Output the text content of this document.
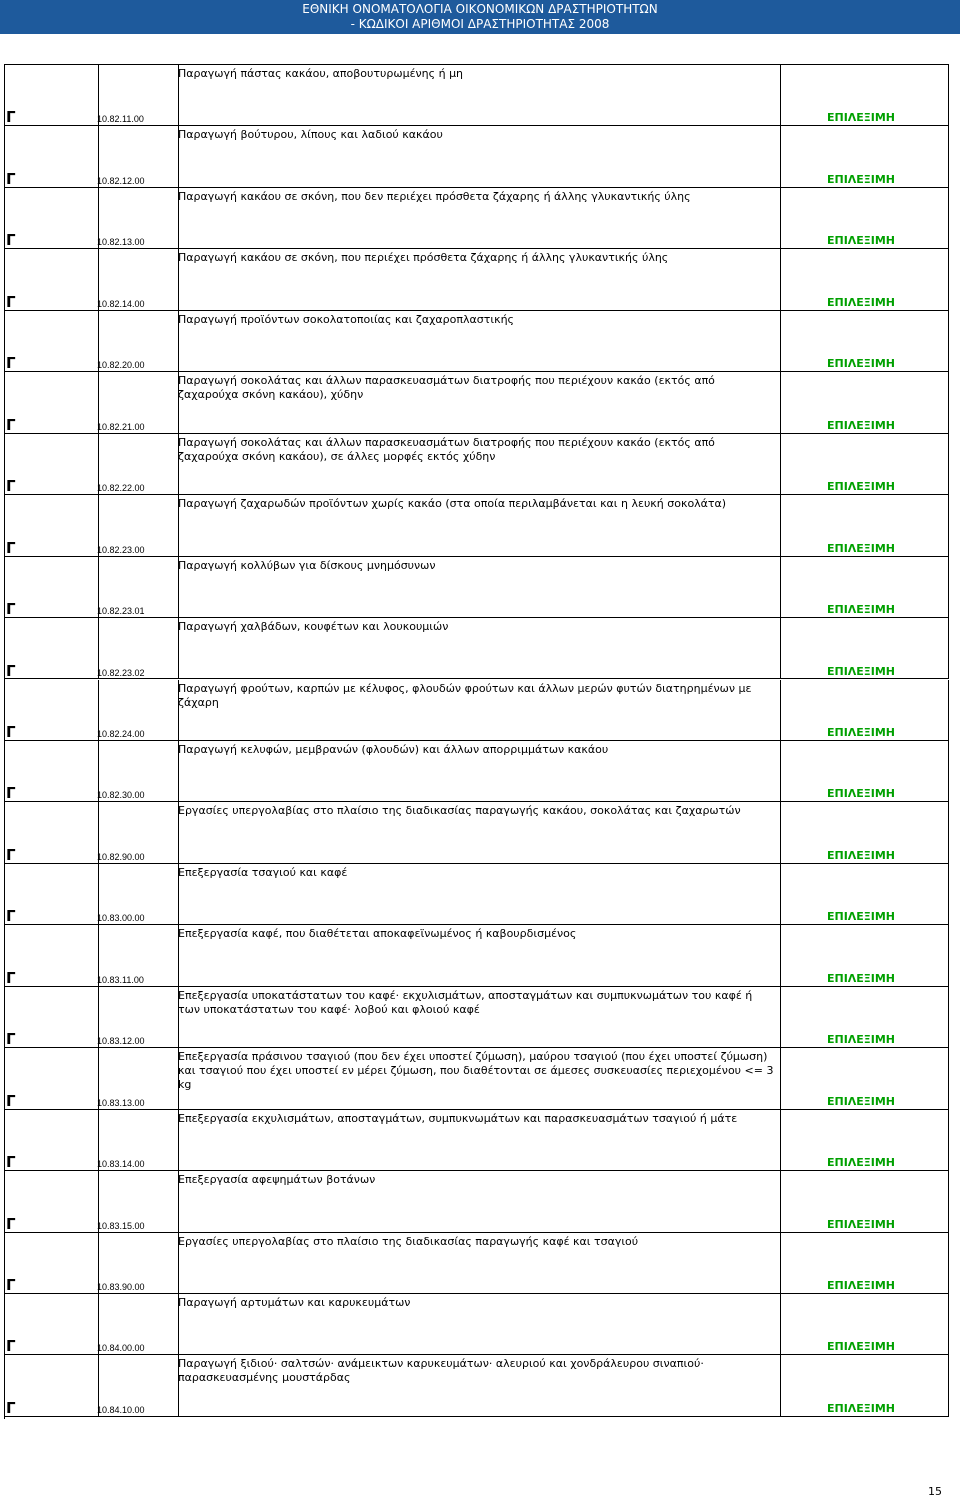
ΕΘΝΙΚΗ ΟΝΟΜΑΤΟΛΟΓΙΑ ΟΙΚΟΝΟΜΙΚΩΝ ΔΡΑΣΤΗΡΙΟΤΗΤΩΝ
- ΚΩΔΙΚΟΙ ΑΡΙΘΜΟΙ ΔΡΑΣΤΗΡΙΟΤΗΤΑΣ 2008
15
Παραγωγή πάστας κακάου, αποβουτυρωμένης ή μη
Γ	10.82.11.00	ΕΠΙΛΕΞΙΜΗ
Παραγωγή βούτυρου, λίπους και λαδιού κακάου
Γ	10.82.12.00	ΕΠΙΛΕΞΙΜΗ
Παραγωγή κακάου σε σκόνη, που δεν περιέχει πρόσθετα ζάχαρης ή άλλης γλυκαντικής ύλης
Γ	10.82.13.00	ΕΠΙΛΕΞΙΜΗ
Παραγωγή κακάου σε σκόνη, που περιέχει πρόσθετα ζάχαρης ή άλλης γλυκαντικής ύλης
Γ	10.82.14.00	ΕΠΙΛΕΞΙΜΗ
Παραγωγή προϊόντων σοκολατοποιίας και ζαχαροπλαστικής
Γ	10.82.20.00	ΕΠΙΛΕΞΙΜΗ
Παραγωγή σοκολάτας και άλλων παρασκευασμάτων διατροφής που περιέχουν κακάο (εκτός από ζαχαρούχα σκόνη κακάου), χύδην
Γ	10.82.21.00	ΕΠΙΛΕΞΙΜΗ
Παραγωγή σοκολάτας και άλλων παρασκευασμάτων διατροφής που περιέχουν κακάο (εκτός από ζαχαρούχα σκόνη κακάου), σε άλλες μορφές εκτός χύδην
Γ	10.82.22.00	ΕΠΙΛΕΞΙΜΗ
Παραγωγή ζαχαρωδών προϊόντων χωρίς κακάο (στα οποία περιλαμβάνεται και η λευκή σοκολάτα)
Γ	10.82.23.00	ΕΠΙΛΕΞΙΜΗ
Παραγωγή κολλύβων για δίσκους μνημόσυνων
Γ	10.82.23.01	ΕΠΙΛΕΞΙΜΗ
Παραγωγή χαλβάδων, κουφέτων και λουκουμιών
Γ	10.82.23.02	ΕΠΙΛΕΞΙΜΗ
Παραγωγή φρούτων, καρπών με κέλυφος, φλουδών φρούτων και άλλων μερών φυτών διατηρημένων με ζάχαρη
Γ	10.82.24.00	ΕΠΙΛΕΞΙΜΗ
Παραγωγή κελυφών, μεμβρανών (φλουδών) και άλλων απορριμμάτων κακάου
Γ	10.82.30.00	ΕΠΙΛΕΞΙΜΗ
Εργασίες υπεργολαβίας στο πλαίσιο της διαδικασίας παραγωγής κακάου, σοκολάτας και ζαχαρωτών
Γ	10.82.90.00	ΕΠΙΛΕΞΙΜΗ
Επεξεργασία τσαγιού και καφέ
Γ	10.83.00.00	ΕΠΙΛΕΞΙΜΗ
Επεξεργασία καφέ, που διαθέτεται αποκαφεϊνωμένος ή καβουρδισμένος
Γ	10.83.11.00	ΕΠΙΛΕΞΙΜΗ
Επεξεργασία υποκατάστατων του καφέ· εκχυλισμάτων, αποσταγμάτων και συμπυκνωμάτων του καφέ ή των υποκατάστατων του καφέ· λοβού και φλοιού καφέ
Γ	10.83.12.00	ΕΠΙΛΕΞΙΜΗ
Επεξεργασία πράσινου τσαγιού (που δεν έχει υποστεί ζύμωση), μαύρου τσαγιού (που έχει υποστεί ζύμωση) και τσαγιού που έχει υποστεί εν μέρει ζύμωση, που διαθέτονται σε άμεσες συσκευασίες περιεχομένου <= 3 kg
Γ	10.83.13.00	ΕΠΙΛΕΞΙΜΗ
Επεξεργασία εκχυλισμάτων, αποσταγμάτων, συμπυκνωμάτων και παρασκευασμάτων τσαγιού ή μάτε
Γ	10.83.14.00	ΕΠΙΛΕΞΙΜΗ
Επεξεργασία αφεψημάτων βοτάνων
Γ	10.83.15.00	ΕΠΙΛΕΞΙΜΗ
Εργασίες υπεργολαβίας στο πλαίσιο της διαδικασίας παραγωγής καφέ και τσαγιού
Γ	10.83.90.00	ΕΠΙΛΕΞΙΜΗ
Παραγωγή αρτυμάτων και καρυκευμάτων
Γ	10.84.00.00	ΕΠΙΛΕΞΙΜΗ
Παραγωγή ξιδιού· σαλτσών· ανάμεικτων καρυκευμάτων· αλευριού και χονδράλευρου σιναπιού· παρασκευασμένης μουστάρδας
Γ	10.84.10.00	ΕΠΙΛΕΞΙΜΗ
